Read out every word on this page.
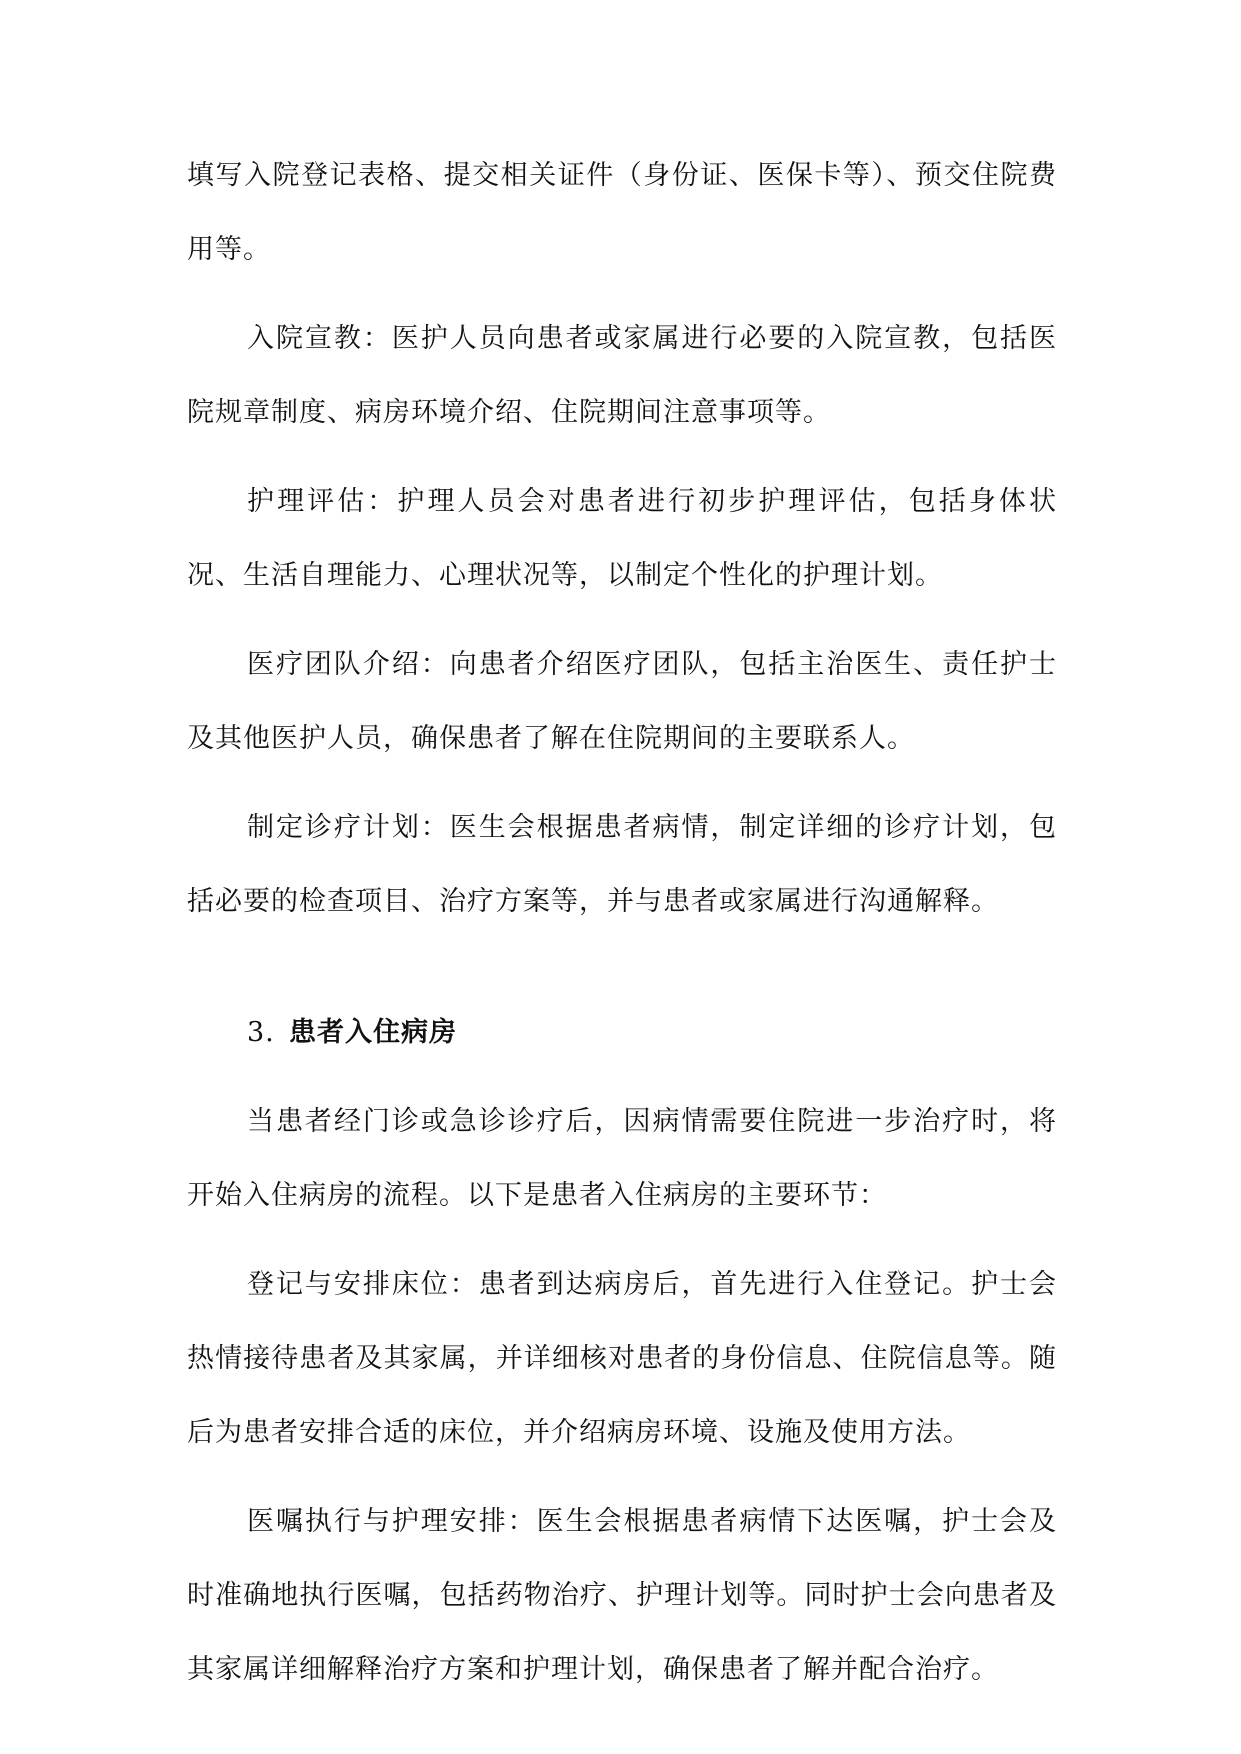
填写入院登记表格、提交相关证件（身份证、医保卡等）、预交住院费用等。

入院宣教：医护人员向患者或家属进行必要的入院宣教，包括医院规章制度、病房环境介绍、住院期间注意事项等。

护理评估：护理人员会对患者进行初步护理评估，包括身体状况、生活自理能力、心理状况等，以制定个性化的护理计划。

医疗团队介绍：向患者介绍医疗团队，包括主治医生、责任护士及其他医护人员，确保患者了解在住院期间的主要联系人。

制定诊疗计划：医生会根据患者病情，制定详细的诊疗计划，包括必要的检查项目、治疗方案等，并与患者或家属进行沟通解释。

3. 患者入住病房

当患者经门诊或急诊诊疗后，因病情需要住院进一步治疗时，将开始入住病房的流程。以下是患者入住病房的主要环节：

登记与安排床位：患者到达病房后，首先进行入住登记。护士会热情接待患者及其家属，并详细核对患者的身份信息、住院信息等。随后为患者安排合适的床位，并介绍病房环境、设施及使用方法。

医嘱执行与护理安排：医生会根据患者病情下达医嘱，护士会及时准确地执行医嘱，包括药物治疗、护理计划等。同时护士会向患者及其家属详细解释治疗方案和护理计划，确保患者了解并配合治疗。
